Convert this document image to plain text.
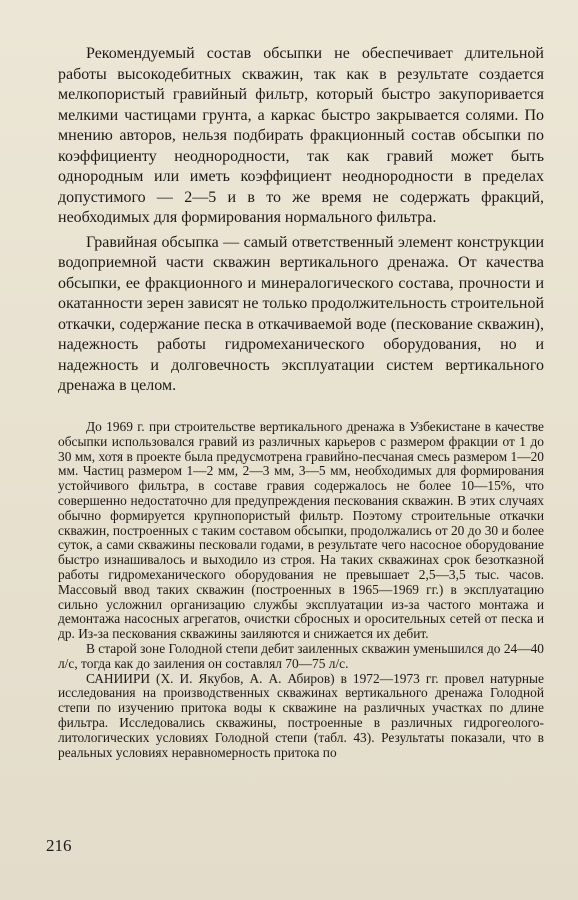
Рекомендуемый состав обсыпки не обеспечивает длительной работы высокодебитных скважин, так как в результате создается мелкопористый гравийный фильтр, который быстро закупоривается мелкими частицами грунта, а каркас быстро закрывается солями. По мнению авторов, нельзя подбирать фракционный состав обсыпки по коэффициенту неоднородности, так как гравий может быть однородным или иметь коэффициент неоднородности в пределах допустимого — 2—5 и в то же время не содержать фракций, необходимых для формирования нормального фильтра.

Гравийная обсыпка — самый ответственный элемент конструкции водоприемной части скважин вертикального дренажа. От качества обсыпки, ее фракционного и минералогического состава, прочности и окатанности зерен зависят не только продолжительность строительной откачки, содержание песка в откачиваемой воде (пескование скважин), надежность работы гидромеханического оборудования, но и надежность и долговечность эксплуатации систем вертикального дренажа в целом.

До 1969 г. при строительстве вертикального дренажа в Узбекистане в качестве обсыпки использовался гравий из различных карьеров с размером фракции от 1 до 30 мм, хотя в проекте была предусмотрена гравийно-песчаная смесь размером 1—20 мм. Частиц размером 1—2 мм, 2—3 мм, 3—5 мм, необходимых для формирования устойчивого фильтра, в составе гравия содержалось не более 10—15%, что совершенно недостаточно для предупреждения пескования скважин. В этих случаях обычно формируется крупнопористый фильтр. Поэтому строительные откачки скважин, построенных с таким составом обсыпки, продолжались от 20 до 30 и более суток, а сами скважины песковали годами, в результате чего насосное оборудование быстро изнашивалось и выходило из строя. На таких скважинах срок безотказной работы гидромеханического оборудования не превышает 2,5—3,5 тыс. часов. Массовый ввод таких скважин (построенных в 1965—1969 гг.) в эксплуатацию сильно усложнил организацию службы эксплуатации из-за частого монтажа и демонтажа насосных агрегатов, очистки сбросных и оросительных сетей от песка и др. Из-за пескования скважины заиляются и снижается их дебит.

В старой зоне Голодной степи дебит заиленных скважин уменьшился до 24—40 л/с, тогда как до заиления он составлял 70—75 л/с.

САНИИРИ (Х. И. Якубов, А. А. Абиров) в 1972—1973 гг. провел натурные исследования на производственных скважинах вертикального дренажа Голодной степи по изучению притока воды к скважине на различных участках по длине фильтра. Исследовались скважины, построенные в различных гидрогеолого-литологических условиях Голодной степи (табл. 43). Результаты показали, что в реальных условиях неравномерность притока по

216
